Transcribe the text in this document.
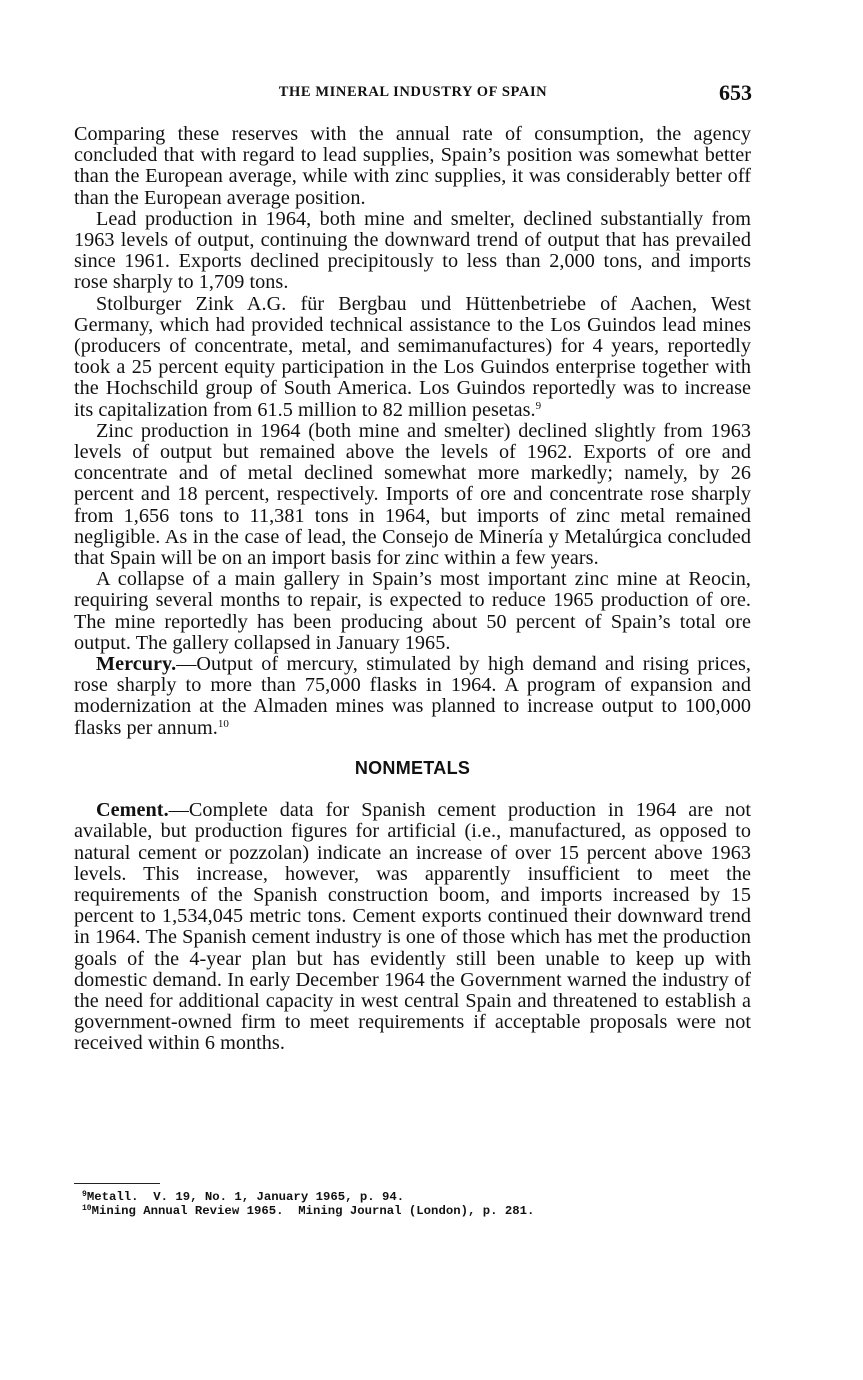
THE MINERAL INDUSTRY OF SPAIN	653

Comparing these reserves with the annual rate of consumption, the agency concluded that with regard to lead supplies, Spain’s position was somewhat better than the European average, while with zinc supplies, it was considerably better off than the European average position.

Lead production in 1964, both mine and smelter, declined substantially from 1963 levels of output, continuing the downward trend of output that has prevailed since 1961. Exports declined precipitously to less than 2,000 tons, and imports rose sharply to 1,709 tons.

Stolburger Zink A.G. für Bergbau und Hüttenbetriebe of Aachen, West Germany, which had provided technical assistance to the Los Guindos lead mines (producers of concentrate, metal, and semimanufactures) for 4 years, reportedly took a 25 percent equity participation in the Los Guindos enterprise together with the Hochschild group of South America. Los Guindos reportedly was to increase its capitalization from 61.5 million to 82 million pesetas.$^9$

Zinc production in 1964 (both mine and smelter) declined slightly from 1963 levels of output but remained above the levels of 1962. Exports of ore and concentrate and of metal declined somewhat more markedly; namely, by 26 percent and 18 percent, respectively. Imports of ore and concentrate rose sharply from 1,656 tons to 11,381 tons in 1964, but imports of zinc metal remained negligible. As in the case of lead, the Consejo de Minería y Metalúrgica concluded that Spain will be on an import basis for zinc within a few years.

A collapse of a main gallery in Spain’s most important zinc mine at Reocin, requiring several months to repair, is expected to reduce 1965 production of ore. The mine reportedly has been producing about 50 percent of Spain’s total ore output. The gallery collapsed in January 1965.

Mercury.—Output of mercury, stimulated by high demand and rising prices, rose sharply to more than 75,000 flasks in 1964. A program of expansion and modernization at the Almaden mines was planned to increase output to 100,000 flasks per annum.$^{10}$

NONMETALS

Cement.—Complete data for Spanish cement production in 1964 are not available, but production figures for artificial (i.e., manufactured, as opposed to natural cement or pozzolan) indicate an increase of over 15 percent above 1963 levels. This increase, however, was apparently insufficient to meet the requirements of the Spanish construction boom, and imports increased by 15 percent to 1,534,045 metric tons. Cement exports continued their downward trend in 1964. The Spanish cement industry is one of those which has met the production goals of the 4-year plan but has evidently still been unable to keep up with domestic demand. In early December 1964 the Government warned the industry of the need for additional capacity in west central Spain and threatened to establish a government-owned firm to meet requirements if acceptable proposals were not received within 6 months.

$^9$Metall.  V. 19, No. 1, January 1965, p. 94.
$^{10}$Mining Annual Review 1965.  Mining Journal (London), p. 281.
